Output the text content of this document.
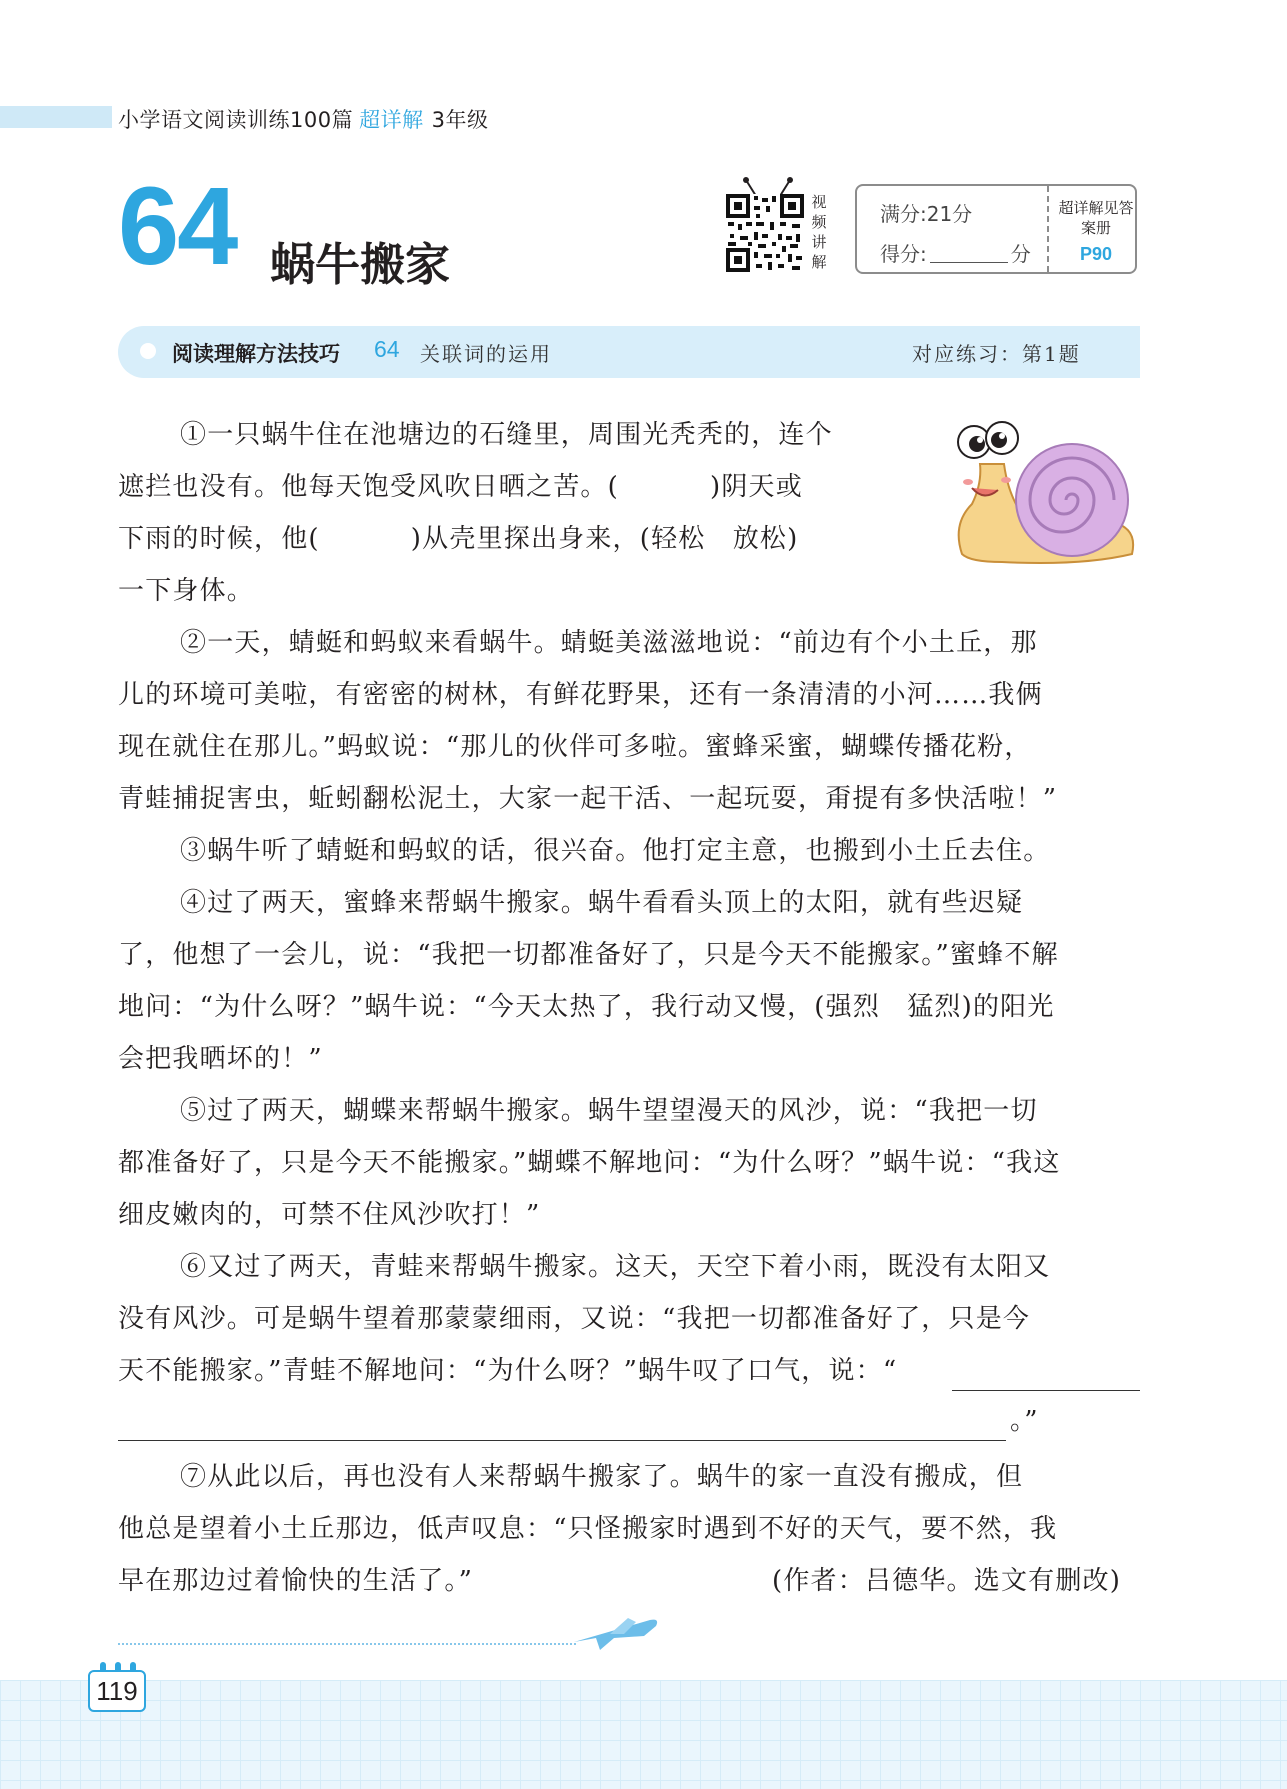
小学语文阅读训练100篇 超详解 3年级
64 蜗牛搬家
视频讲解
满分:21分
得分:	分
超详解见答案册
P90
阅读理解方法技巧 64 关联词的运用	对应练习：第1题
①一只蜗牛住在池塘边的石缝里，周围光秃秃的，连个
遮拦也没有。他每天饱受风吹日晒之苦。(　　　 )阴天或
下雨的时候，他(　　　 )从壳里探出身来，(轻松　放松)
一下身体。
②一天，蜻蜓和蚂蚁来看蜗牛。蜻蜓美滋滋地说：“前边有个小土丘，那
儿的环境可美啦，有密密的树林，有鲜花野果，还有一条清清的小河……我俩
现在就住在那儿。”蚂蚁说：“那儿的伙伴可多啦。蜜蜂采蜜，蝴蝶传播花粉，
青蛙捕捉害虫，蚯蚓翻松泥土，大家一起干活、一起玩耍，甭提有多快活啦！”
③蜗牛听了蜻蜓和蚂蚁的话，很兴奋。他打定主意，也搬到小土丘去住。
④过了两天，蜜蜂来帮蜗牛搬家。蜗牛看看头顶上的太阳，就有些迟疑
了，他想了一会儿，说：“我把一切都准备好了，只是今天不能搬家。”蜜蜂不解
地问：“为什么呀？”蜗牛说：“今天太热了，我行动又慢，(强烈　猛烈)的阳光
会把我晒坏的！”
⑤过了两天，蝴蝶来帮蜗牛搬家。蜗牛望望漫天的风沙，说：“我把一切
都准备好了，只是今天不能搬家。”蝴蝶不解地问：“为什么呀？”蜗牛说：“我这
细皮嫩肉的，可禁不住风沙吹打！”
⑥又过了两天，青蛙来帮蜗牛搬家。这天，天空下着小雨，既没有太阳又
没有风沙。可是蜗牛望着那蒙蒙细雨，又说：“我把一切都准备好了，只是今
天不能搬家。”青蛙不解地问：“为什么呀？”蜗牛叹了口气，说：“
。”
⑦从此以后，再也没有人来帮蜗牛搬家了。蜗牛的家一直没有搬成，但
他总是望着小土丘那边，低声叹息：“只怪搬家时遇到不好的天气，要不然，我
早在那边过着愉快的生活了。”	(作者：吕德华。选文有删改)
119
